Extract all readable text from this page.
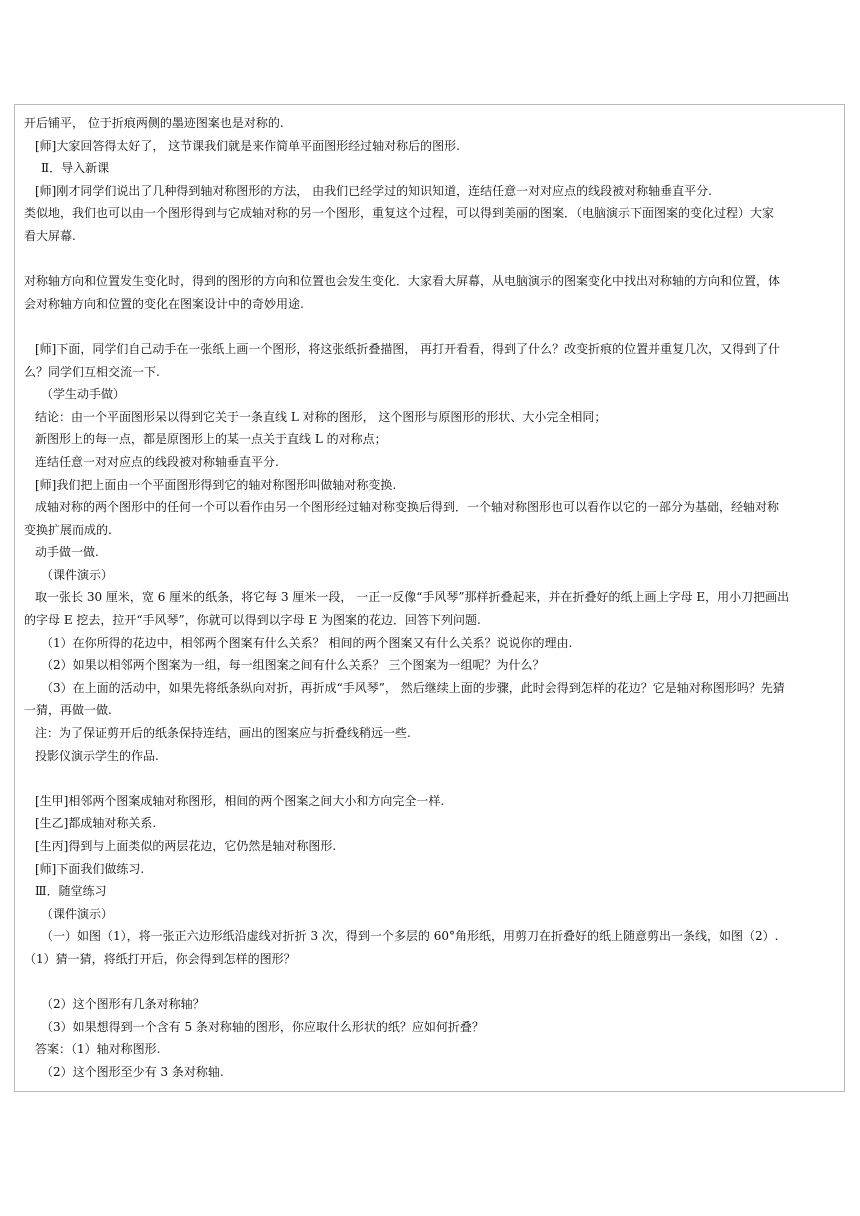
开后铺平， 位于折痕两侧的墨迹图案也是对称的.
[师]大家回答得太好了， 这节课我们就是来作简单平面图形经过轴对称后的图形.
Ⅱ．导入新课
[师]刚才同学们说出了几种得到轴对称图形的方法， 由我们已经学过的知识知道，连结任意一对对应点的线段被对称轴垂直平分.
类似地，我们也可以由一个图形得到与它成轴对称的另一个图形，重复这个过程，可以得到美丽的图案．（电脑演示下面图案的变化过程）大家
看大屏幕.
对称轴方向和位置发生变化时，得到的图形的方向和位置也会发生变化．大家看大屏幕，从电脑演示的图案变化中找出对称轴的方向和位置，体
会对称轴方向和位置的变化在图案设计中的奇妙用途.
[师]下面，同学们自己动手在一张纸上画一个图形，将这张纸折叠描图， 再打开看看，得到了什么？改变折痕的位置并重复几次，又得到了什
么？同学们互相交流一下.
（学生动手做）
结论：由一个平面图形呆以得到它关于一条直线 L 对称的图形， 这个图形与原图形的形状、大小完全相同；
新图形上的每一点，都是原图形上的某一点关于直线 L 的对称点；
连结任意一对对应点的线段被对称轴垂直平分.
[师]我们把上面由一个平面图形得到它的轴对称图形叫做轴对称变换.
成轴对称的两个图形中的任何一个可以看作由另一个图形经过轴对称变换后得到．一个轴对称图形也可以看作以它的一部分为基础，经轴对称
变换扩展而成的.
动手做一做.
（课件演示）
取一张长 30 厘米，宽 6 厘米的纸条，将它每 3 厘米一段， 一正一反像“手风琴”那样折叠起来，并在折叠好的纸上画上字母 E，用小刀把画出
的字母 E 挖去，拉开“手风琴”，你就可以得到以字母 E 为图案的花边．回答下列问题.
（1）在你所得的花边中，相邻两个图案有什么关系？ 相间的两个图案又有什么关系？说说你的理由.
（2）如果以相邻两个图案为一组，每一组图案之间有什么关系？ 三个图案为一组呢？为什么？
（3）在上面的活动中，如果先将纸条纵向对折，再折成“手风琴”， 然后继续上面的步骤，此时会得到怎样的花边？它是轴对称图形吗？先猜
一猜，再做一做.
注：为了保证剪开后的纸条保持连结，画出的图案应与折叠线稍远一些.
投影仪演示学生的作品.
[生甲]相邻两个图案成轴对称图形，相间的两个图案之间大小和方向完全一样.
[生乙]都成轴对称关系.
[生丙]得到与上面类似的两层花边，它仍然是轴对称图形.
[师]下面我们做练习.
Ⅲ．随堂练习
（课件演示）
（一）如图（1），将一张正六边形纸沿虚线对折折 3 次，得到一个多层的 60°角形纸，用剪刀在折叠好的纸上随意剪出一条线，如图（2）.
（1）猜一猜，将纸打开后，你会得到怎样的图形？
（2）这个图形有几条对称轴？
（3）如果想得到一个含有 5 条对称轴的图形，你应取什么形状的纸？应如何折叠？
答案：（1）轴对称图形.
（2）这个图形至少有 3 条对称轴.
